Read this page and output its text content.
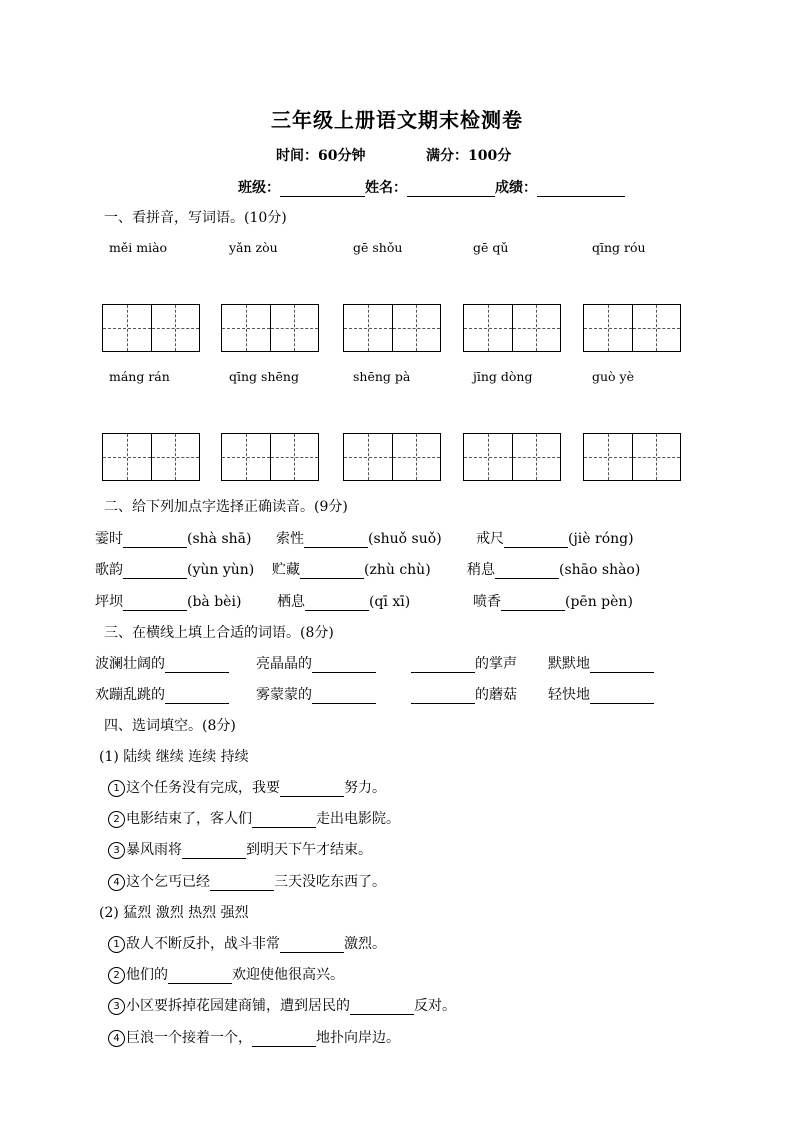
三年级上册语文期末检测卷
时间：60分钟	满分：100分
班级：	姓名：	成绩：
一、看拼音，写词语。(10分)
měi miào	yǎn zòu	gē shǒu	gē qǔ	qīng róu
máng rán	qīng shēng	shēng pà	jīng dòng	guò yè
二、给下列加点字选择正确读音。(9分)
霎时	(shà shā) 索性	(shuǒ suǒ) 戒尺	(jiè róng)
歌韵	(yùn yùn) 贮藏	(zhù chù)	稍息	(shāo shào)
坪坝	(bà bèi)	栖息	(qī xī)	喷香	(pēn pèn)
三、在横线上填上合适的词语。(8分)
波澜壮阔的	亮晶晶的	的掌声 默默地
欢蹦乱跳的	雾蒙蒙的	的蘑菇 轻快地
四、选词填空。(8分)
(1) 陆续 继续 连续 持续
1 这个任务没有完成，我要	努力。
2 电影结束了，客人们	走出电影院。
3 暴风雨将	到明天下午才结束。
4 这个乞丐已经	三天没吃东西了。
(2) 猛烈 激烈 热烈 强烈
1 敌人不断反扑，战斗非常	激烈。
2 他们的	欢迎使他很高兴。
3 小区要拆掉花园建商铺，遭到居民的	反对。
4 巨浪一个接着一个，	地扑向岸边。
